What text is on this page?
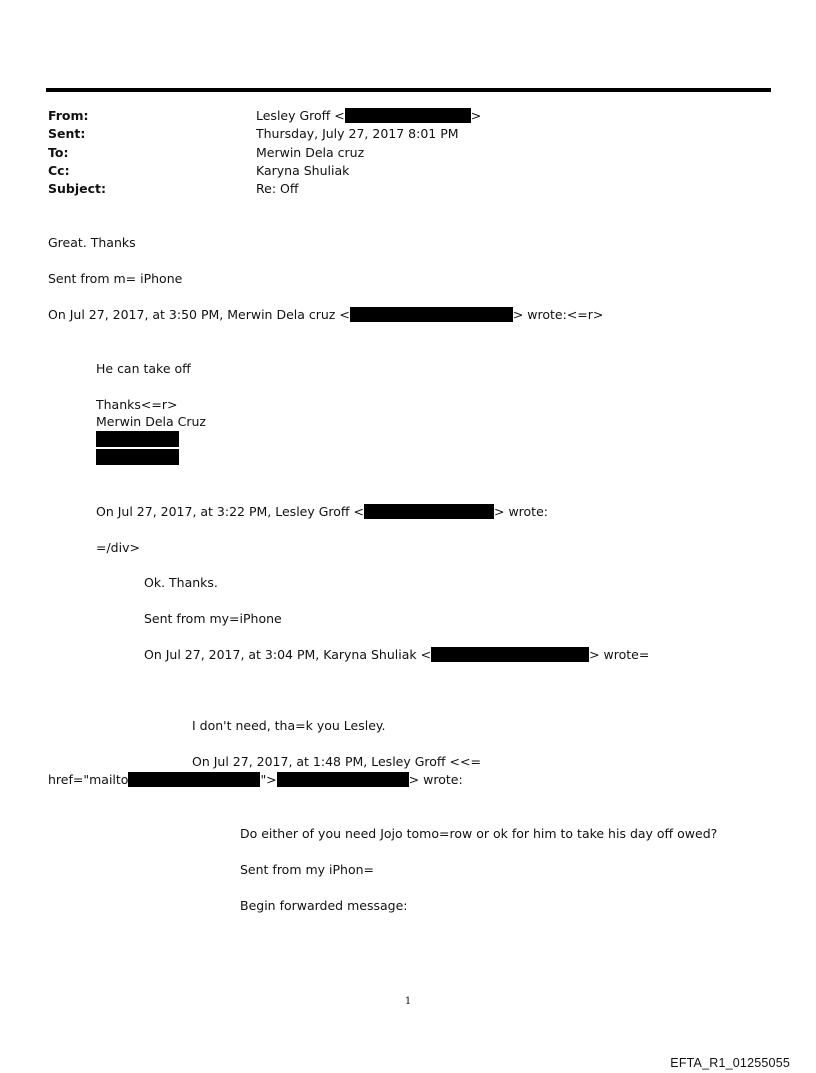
From:	Lesley Groff <	>
Sent:	Thursday, July 27, 2017 8:01 PM
To:	Merwin Dela cruz
Cc:	Karyna Shuliak
Subject:	Re: Off
Great. Thanks
Sent from m= iPhone
On Jul 27, 2017, at 3:50 PM, Merwin Dela cruz <	> wrote:<=r>
He can take off
Thanks<=r>
Merwin Dela Cruz
On Jul 27, 2017, at 3:22 PM, Lesley Groff <	> wrote:
=/div>
Ok. Thanks.
Sent from my=iPhone
On Jul 27, 2017, at 3:04 PM, Karyna Shuliak <	> wrote=
I don't need, tha=k you Lesley.
On Jul 27, 2017, at 1:48 PM, Lesley Groff <<=
href="mailto	">	> wrote:
Do either of you need Jojo tomo=row or ok for him to take his day off owed?
Sent from my iPhon=
Begin forwarded message:
1
EFTA_R1_01255055
